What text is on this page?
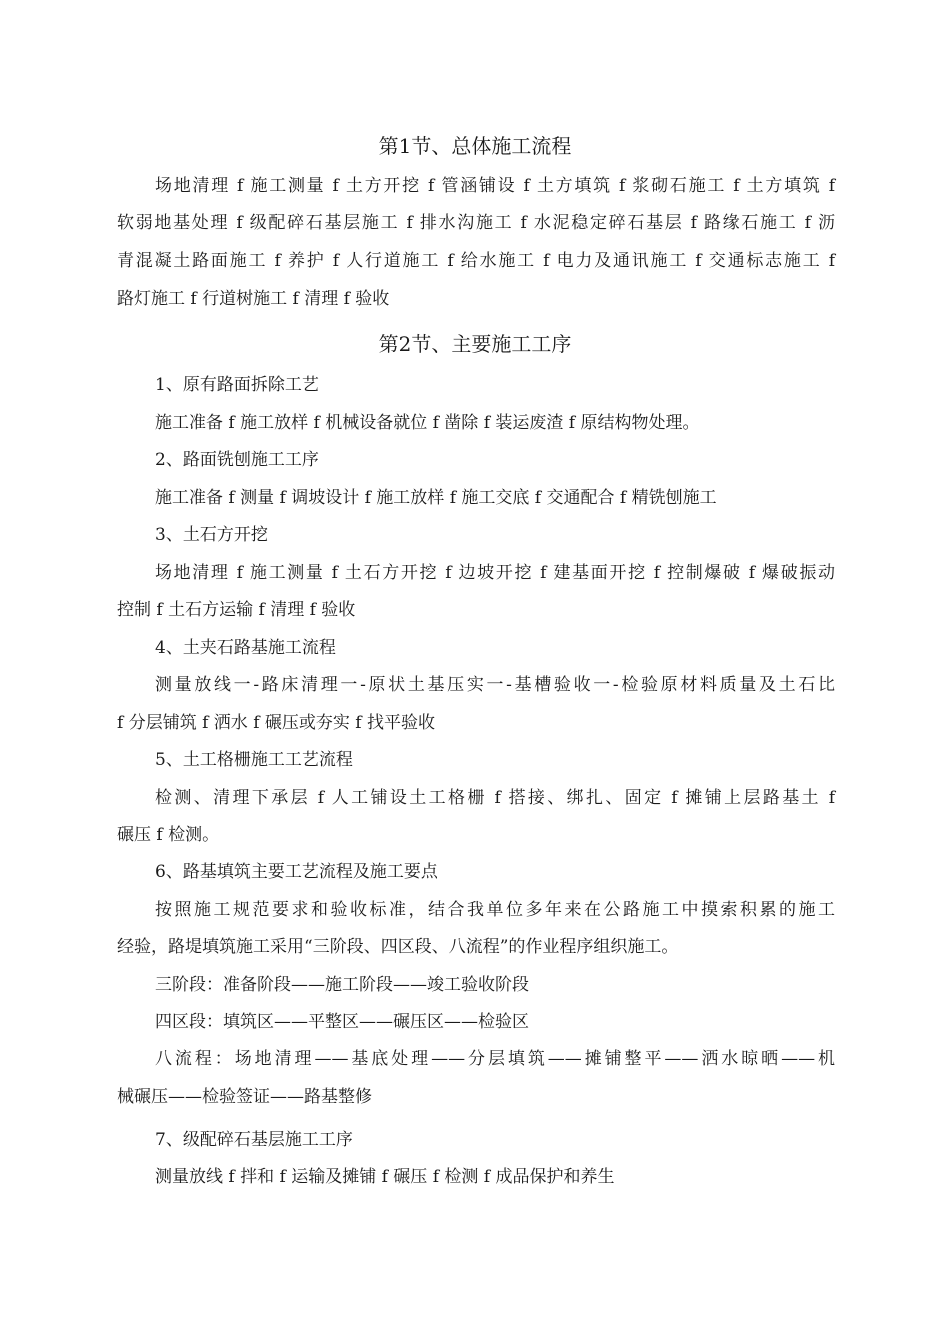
第1节、总体施工流程
场地清理 f 施工测量 f 土方开挖 f 管涵铺设 f 土方填筑 f 浆砌石施工 f 土方填筑 f
软弱地基处理 f 级配碎石基层施工 f 排水沟施工 f 水泥稳定碎石基层 f 路缘石施工 f 沥
青混凝土路面施工 f 养护 f 人行道施工 f 给水施工 f 电力及通讯施工 f 交通标志施工 f
路灯施工 f 行道树施工 f 清理 f 验收
第2节、主要施工工序
1、原有路面拆除工艺
施工准备 f 施工放样 f 机械设备就位 f 凿除 f 装运废渣 f 原结构物处理。
2、路面铣刨施工工序
施工准备 f 测量 f 调坡设计 f 施工放样 f 施工交底 f 交通配合 f 精铣刨施工
3、土石方开挖
场地清理 f 施工测量 f 土石方开挖 f 边坡开挖 f 建基面开挖 f 控制爆破 f 爆破振动
控制 f 土石方运输 f 清理 f 验收
4、土夹石路基施工流程
测量放线一-路床清理一-原状土基压实一-基槽验收一-检验原材料质量及土石比
f 分层铺筑 f 洒水 f 碾压或夯实 f 找平验收
5、土工格栅施工工艺流程
检测、清理下承层 f 人工铺设土工格栅 f 搭接、绑扎、固定 f 摊铺上层路基土 f
碾压 f 检测。
6、路基填筑主要工艺流程及施工要点
按照施工规范要求和验收标准，结合我单位多年来在公路施工中摸索积累的施工
经验，路堤填筑施工采用“三阶段、四区段、八流程”的作业程序组织施工。
三阶段：准备阶段——施工阶段——竣工验收阶段
四区段：填筑区——平整区——碾压区——检验区
八流程：场地清理——基底处理——分层填筑——摊铺整平——洒水晾晒——机
械碾压——检验签证——路基整修
7、级配碎石基层施工工序
测量放线 f 拌和 f 运输及摊铺 f 碾压 f 检测 f 成品保护和养生
